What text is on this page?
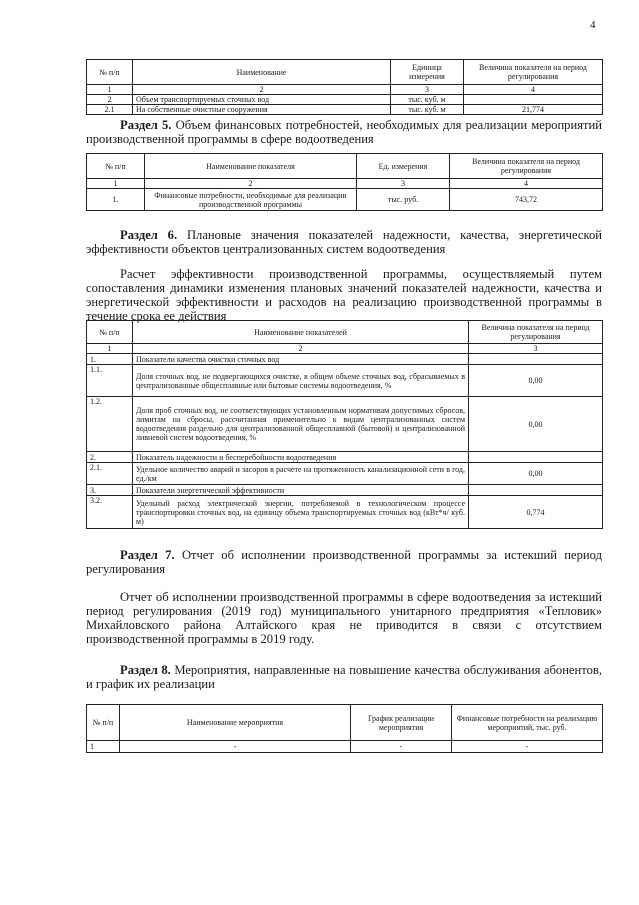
4
№ п/п	Наименование	Единица измерения	Величина показателя на период регулирования
1	2	3	4
2	Объем транспортируемых сточных вод	тыс. куб. м	
2.1	На собственные очистные сооружения	тыс. куб. м	21,774
Раздел 5. Объем финансовых потребностей, необходимых для реализации мероприятий производственной программы в сфере водоотведения
№ п/п	Наименование показателя	Ед. измерения	Величина показателя на период регулирования
1	2	3	4
1.	Финансовые потребности, необходимые для реализации производственной программы	тыс. руб.	743,72
Раздел 6. Плановые значения показателей надежности, качества, энергетической эффективности объектов централизованных систем водоотведения
Расчет эффективности производственной программы, осуществляемый путем сопоставления динамики изменения плановых значений показателей надежности, качества и энергетической эффективности и расходов на реализацию производственной программы в течение срока ее действия
№ п/п	Наименование показателей	Величина показателя на период регулирования
1	2	3
1.	Показатели качества очистки сточных вод	
1.1.	Доля сточных вод, не подвергающихся очистке, в общем объеме сточных вод, сбрасываемых в централизованные общесплавные или бытовые системы водоотведения, %	0,00
1.2.	Доля проб сточных вод, не соответствующих установленным нормативам допустимых сбросов, лимитам на сбросы, рассчитанная применительно к видам централизованных систем водоотведения раздельно для централизованной общесплавной (бытовой) и централизованной ливневой систем водоотведения, %	0,00
2.	Показатель надежности и бесперебойности водоотведения	
2.1.	Удельное количество аварий и засоров в расчете на протяженность канализационной сети в год, ед./км	0,00
3.	Показатели энергетической эффективности	
3.2.	Удельный расход электрической энергии, потребляемой в технологическом процессе транспортировки сточных вод, на единицу объема транспортируемых сточных вод (кВт*ч/ куб. м)	0,774
Раздел 7. Отчет об исполнении производственной программы за истекший период регулирования
Отчет об исполнении производственной программы в сфере водоотведения за истекший период регулирования (2019 год) муниципального унитарного предприятия «Тепловик» Михайловского района Алтайского края не приводится в связи с отсутствием производственной программы в 2019 году.
Раздел 8. Мероприятия, направленные на повышение качества обслуживания абонентов, и график их реализации
№ п/п	Наименование мероприятия	График реализации мероприятия	Финансовые потребности на реализацию мероприятий, тыс. руб.
1	-	-	-
